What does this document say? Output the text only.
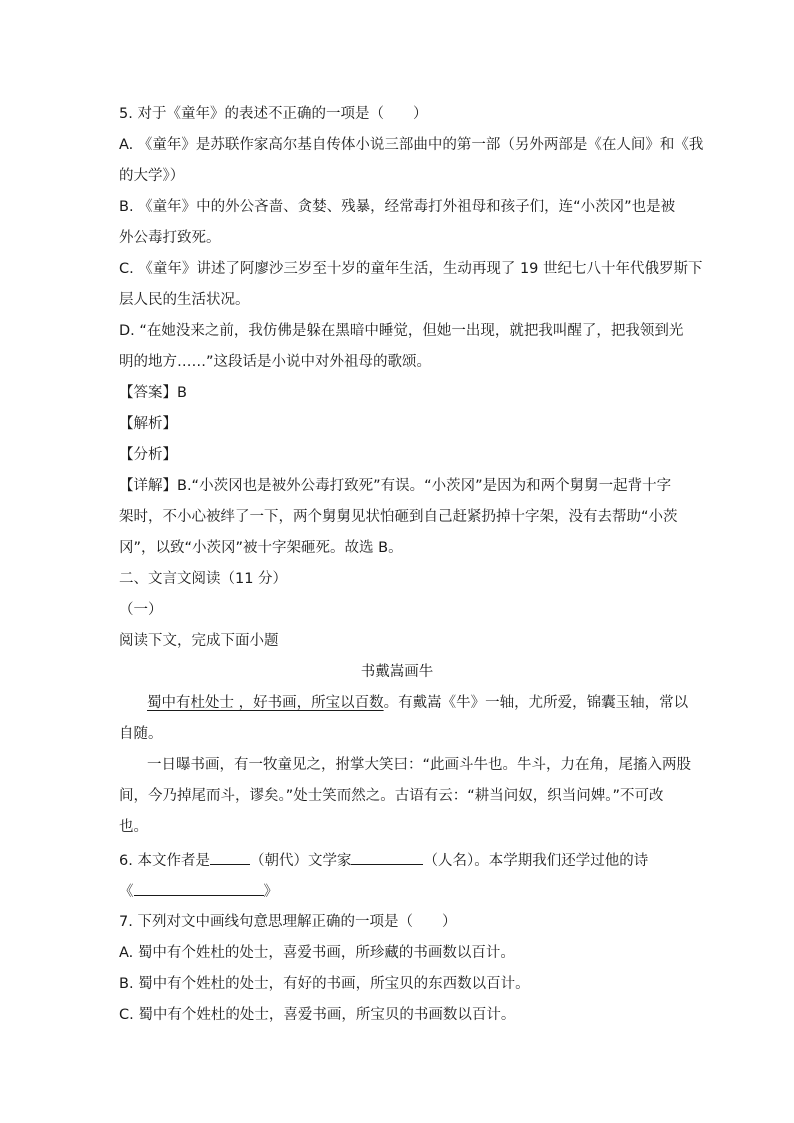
5. 对于《童年》的表述不正确的一项是（　　）
A. 《童年》是苏联作家高尔基自传体小说三部曲中的第一部（另外两部是《在人间》和《我
的大学》）
B. 《童年》中的外公吝啬、贪婪、残暴，经常毒打外祖母和孩子们，连“小茨冈”也是被
外公毒打致死。
C. 《童年》讲述了阿廖沙三岁至十岁的童年生活，生动再现了 19 世纪七八十年代俄罗斯下
层人民的生活状况。
D. “在她没来之前，我仿佛是躲在黑暗中睡觉，但她一出现，就把我叫醒了，把我领到光
明的地方……”这段话是小说中对外祖母的歌颂。
【答案】B
【解析】
【分析】
【详解】B.“小茨冈也是被外公毒打致死”有误。“小茨冈”是因为和两个舅舅一起背十字
架时，不小心被绊了一下，两个舅舅见状怕砸到自己赶紧扔掉十字架，没有去帮助“小茨
冈”，以致“小茨冈”被十字架砸死。故选 B。
二、文言文阅读（11 分）
（一）
阅读下文，完成下面小题
书戴嵩画牛
蜀中有杜处士 ，好书画，所宝以百数。有戴嵩《牛》一轴，尤所爱，锦囊玉轴，常以
自随。
一日曝书画，有一牧童见之，拊掌大笑曰：“此画斗牛也。牛斗，力在角，尾搐入两股
间，今乃掉尾而斗，谬矣。”处士笑而然之。古语有云：“耕当问奴，织当问婢。”不可改
也。
6. 本文作者是	（朝代）文学家	（人名）。本学期我们还学过他的诗
《	》
7. 下列对文中画线句意思理解正确的一项是（　　）
A. 蜀中有个姓杜的处士，喜爱书画，所珍藏的书画数以百计。
B. 蜀中有个姓杜的处士，有好的书画，所宝贝的东西数以百计。
C. 蜀中有个姓杜的处士，喜爱书画，所宝贝的书画数以百计。
